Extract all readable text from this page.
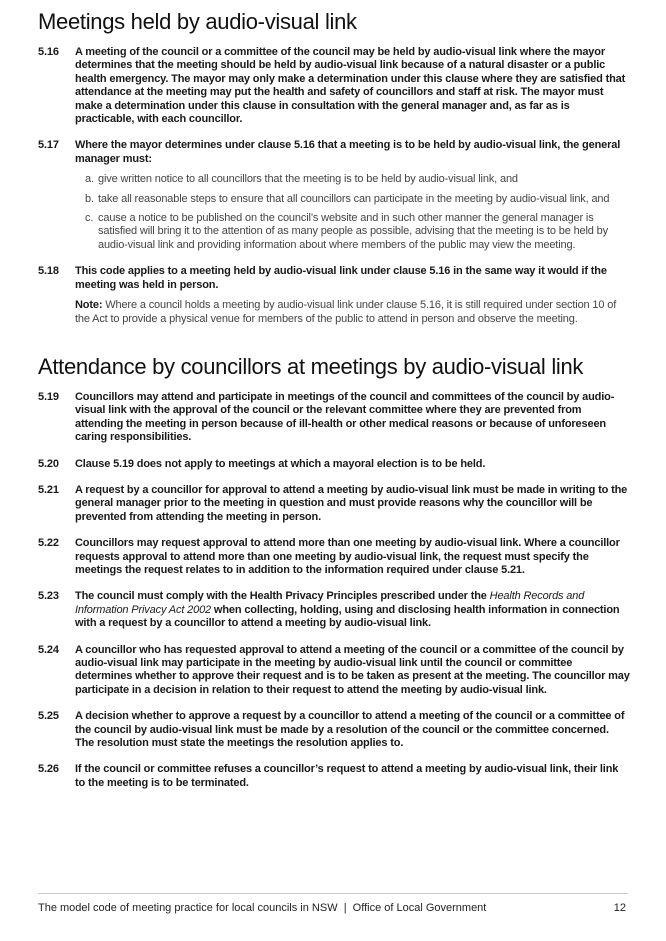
Meetings held by audio-visual link
5.16	A meeting of the council or a committee of the council may be held by audio-visual link where the mayor determines that the meeting should be held by audio-visual link because of a natural disaster or a public health emergency. The mayor may only make a determination under this clause where they are satisfied that attendance at the meeting may put the health and safety of councillors and staff at risk. The mayor must make a determination under this clause in consultation with the general manager and, as far as is practicable, with each councillor.
5.17	Where the mayor determines under clause 5.16 that a meeting is to be held by audio-visual link, the general manager must:
a. give written notice to all councillors that the meeting is to be held by audio-visual link, and
b. take all reasonable steps to ensure that all councillors can participate in the meeting by audio-visual link, and
c. cause a notice to be published on the council’s website and in such other manner the general manager is satisfied will bring it to the attention of as many people as possible, advising that the meeting is to be held by audio-visual link and providing information about where members of the public may view the meeting.
5.18	This code applies to a meeting held by audio-visual link under clause 5.16 in the same way it would if the meeting was held in person.
Note: Where a council holds a meeting by audio-visual link under clause 5.16, it is still required under section 10 of the Act to provide a physical venue for members of the public to attend in person and observe the meeting.
Attendance by councillors at meetings by audio-visual link
5.19	Councillors may attend and participate in meetings of the council and committees of the council by audio-visual link with the approval of the council or the relevant committee where they are prevented from attending the meeting in person because of ill-health or other medical reasons or because of unforeseen caring responsibilities.
5.20	Clause 5.19 does not apply to meetings at which a mayoral election is to be held.
5.21	A request by a councillor for approval to attend a meeting by audio-visual link must be made in writing to the general manager prior to the meeting in question and must provide reasons why the councillor will be prevented from attending the meeting in person.
5.22	Councillors may request approval to attend more than one meeting by audio-visual link. Where a councillor requests approval to attend more than one meeting by audio-visual link, the request must specify the meetings the request relates to in addition to the information required under clause 5.21.
5.23	The council must comply with the Health Privacy Principles prescribed under the Health Records and Information Privacy Act 2002 when collecting, holding, using and disclosing health information in connection with a request by a councillor to attend a meeting by audio-visual link.
5.24	A councillor who has requested approval to attend a meeting of the council or a committee of the council by audio-visual link may participate in the meeting by audio-visual link until the council or committee determines whether to approve their request and is to be taken as present at the meeting. The councillor may participate in a decision in relation to their request to attend the meeting by audio-visual link.
5.25	A decision whether to approve a request by a councillor to attend a meeting of the council or a committee of the council by audio-visual link must be made by a resolution of the council or the committee concerned. The resolution must state the meetings the resolution applies to.
5.26	If the council or committee refuses a councillor’s request to attend a meeting by audio-visual link, their link to the meeting is to be terminated.
The model code of meeting practice for local councils in NSW  |  Office of Local Government	12
